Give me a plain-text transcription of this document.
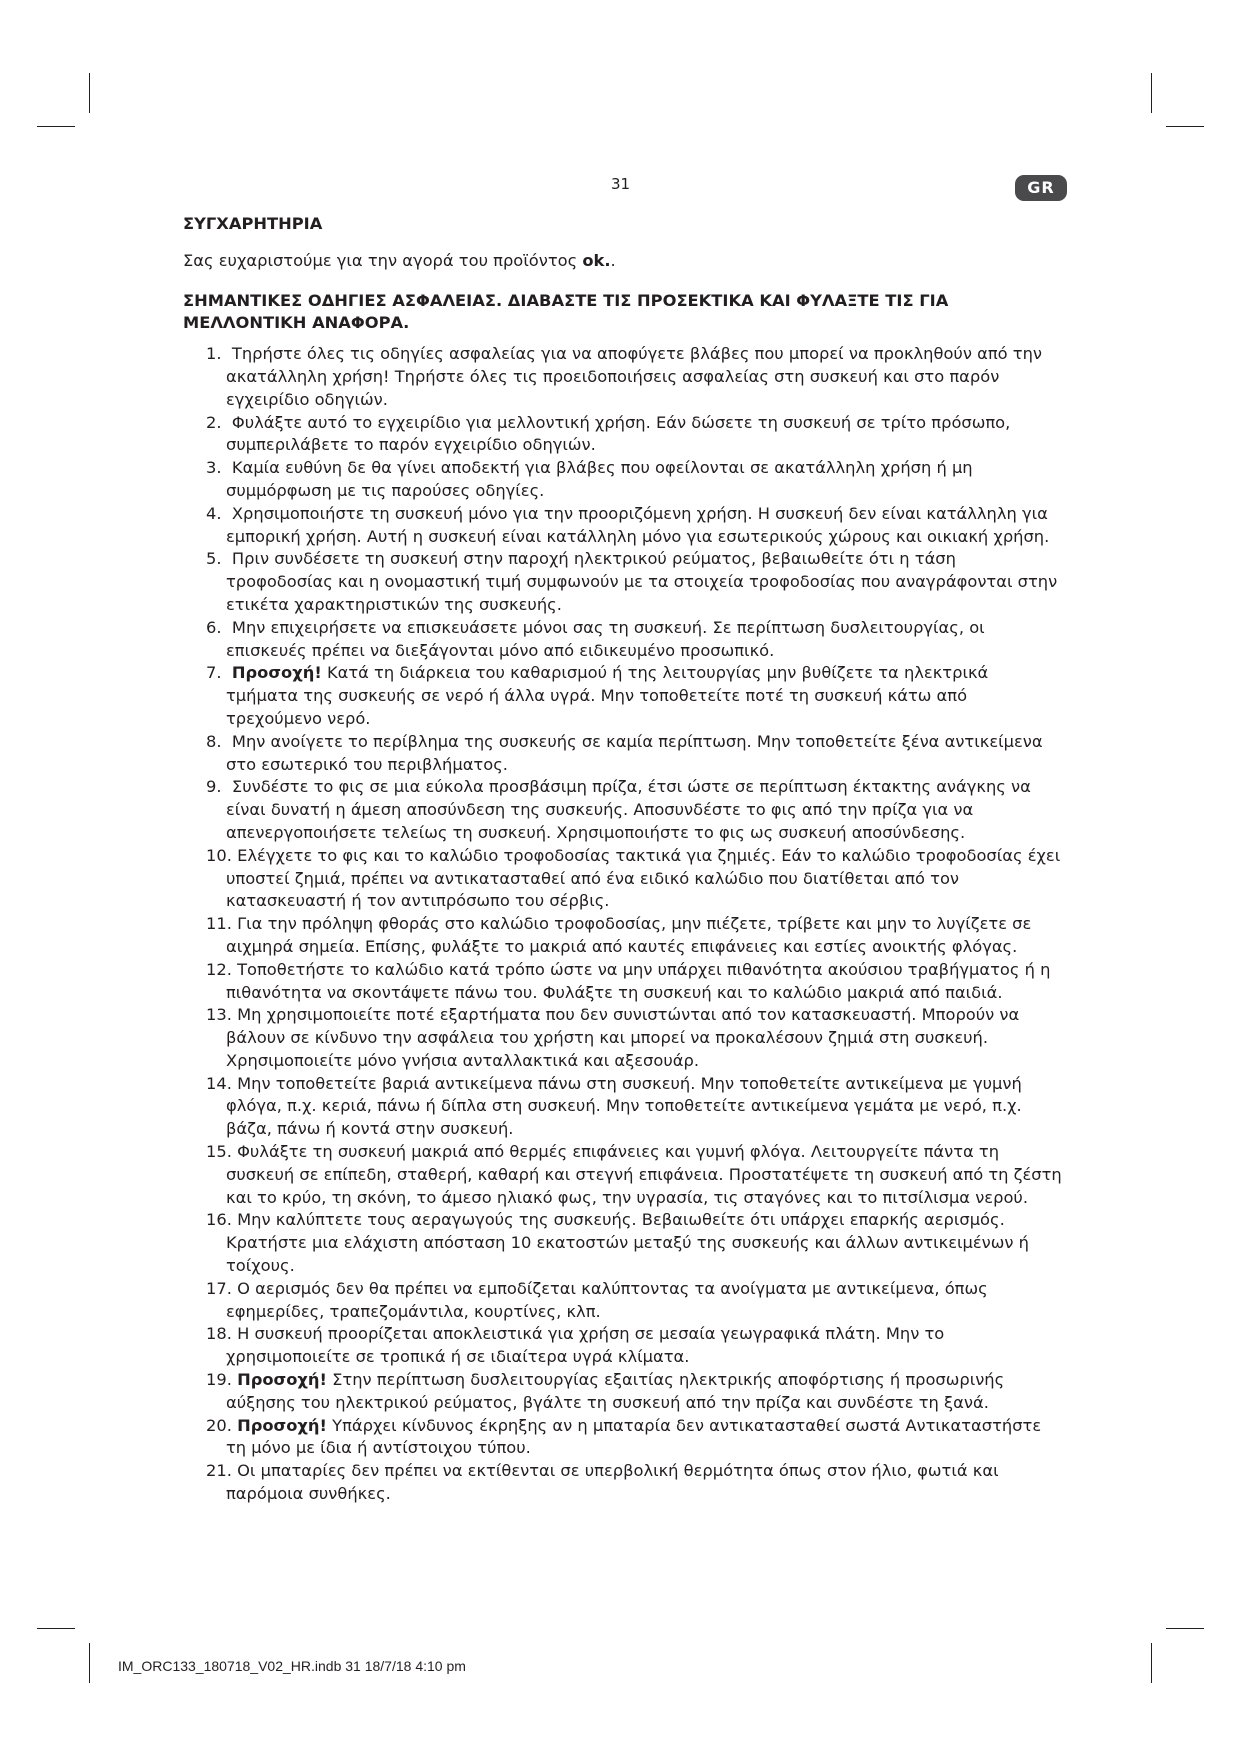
31	GR

ΣΥΓΧΑΡΗΤΗΡΙΑ

Σας ευχαριστούμε για την αγορά του προϊόντος ok..

ΣΗΜΑΝΤΙΚΕΣ ΟΔΗΓΙΕΣ ΑΣΦΑΛΕΙΑΣ. ΔΙΑΒΑΣΤΕ ΤΙΣ ΠΡΟΣΕΚΤΙΚΑ ΚΑΙ ΦΥΛΑΞΤΕ ΤΙΣ ΓΙΑ
ΜΕΛΛΟΝΤΙΚΗ ΑΝΑΦΟΡΑ.

1. Τηρήστε όλες τις οδηγίες ασφαλείας για να αποφύγετε βλάβες που μπορεί να προκληθούν από την ακατάλληλη χρήση! Τηρήστε όλες τις προειδοποιήσεις ασφαλείας στη συσκευή και στο παρόν εγχειρίδιο οδηγιών.
2. Φυλάξτε αυτό το εγχειρίδιο για μελλοντική χρήση. Εάν δώσετε τη συσκευή σε τρίτο πρόσωπο, συμπεριλάβετε το παρόν εγχειρίδιο οδηγιών.
3. Καμία ευθύνη δε θα γίνει αποδεκτή για βλάβες που οφείλονται σε ακατάλληλη χρήση ή μη συμμόρφωση με τις παρούσες οδηγίες.
4. Χρησιμοποιήστε τη συσκευή μόνο για την προοριζόμενη χρήση. Η συσκευή δεν είναι κατάλληλη για εμπορική χρήση. Αυτή η συσκευή είναι κατάλληλη μόνο για εσωτερικούς χώρους και οικιακή χρήση.
5. Πριν συνδέσετε τη συσκευή στην παροχή ηλεκτρικού ρεύματος, βεβαιωθείτε ότι η τάση τροφοδοσίας και η ονομαστική τιμή συμφωνούν με τα στοιχεία τροφοδοσίας που αναγράφονται στην ετικέτα χαρακτηριστικών της συσκευής.
6. Μην επιχειρήσετε να επισκευάσετε μόνοι σας τη συσκευή. Σε περίπτωση δυσλειτουργίας, οι επισκευές πρέπει να διεξάγονται μόνο από ειδικευμένο προσωπικό.
7. Προσοχή! Κατά τη διάρκεια του καθαρισμού ή της λειτουργίας μην βυθίζετε τα ηλεκτρικά τμήματα της συσκευής σε νερό ή άλλα υγρά. Μην τοποθετείτε ποτέ τη συσκευή κάτω από τρεχούμενο νερό.
8. Μην ανοίγετε το περίβλημα της συσκευής σε καμία περίπτωση. Μην τοποθετείτε ξένα αντικείμενα στο εσωτερικό του περιβλήματος.
9. Συνδέστε το φις σε μια εύκολα προσβάσιμη πρίζα, έτσι ώστε σε περίπτωση έκτακτης ανάγκης να είναι δυνατή η άμεση αποσύνδεση της συσκευής. Αποσυνδέστε το φις από την πρίζα για να απενεργοποιήσετε τελείως τη συσκευή. Χρησιμοποιήστε το φις ως συσκευή αποσύνδεσης.
10. Ελέγχετε το φις και το καλώδιο τροφοδοσίας τακτικά για ζημιές. Εάν το καλώδιο τροφοδοσίας έχει υποστεί ζημιά, πρέπει να αντικατασταθεί από ένα ειδικό καλώδιο που διατίθεται από τον κατασκευαστή ή τον αντιπρόσωπο του σέρβις.
11. Για την πρόληψη φθοράς στο καλώδιο τροφοδοσίας, μην πιέζετε, τρίβετε και μην το λυγίζετε σε αιχμηρά σημεία. Επίσης, φυλάξτε το μακριά από καυτές επιφάνειες και εστίες ανοικτής φλόγας.
12. Τοποθετήστε το καλώδιο κατά τρόπο ώστε να μην υπάρχει πιθανότητα ακούσιου τραβήγματος ή η πιθανότητα να σκοντάψετε πάνω του. Φυλάξτε τη συσκευή και το καλώδιο μακριά από παιδιά.
13. Μη χρησιμοποιείτε ποτέ εξαρτήματα που δεν συνιστώνται από τον κατασκευαστή. Μπορούν να βάλουν σε κίνδυνο την ασφάλεια του χρήστη και μπορεί να προκαλέσουν ζημιά στη συσκευή. Χρησιμοποιείτε μόνο γνήσια ανταλλακτικά και αξεσουάρ.
14. Μην τοποθετείτε βαριά αντικείμενα πάνω στη συσκευή. Μην τοποθετείτε αντικείμενα με γυμνή φλόγα, π.χ. κεριά, πάνω ή δίπλα στη συσκευή. Μην τοποθετείτε αντικείμενα γεμάτα με νερό, π.χ. βάζα, πάνω ή κοντά στην συσκευή.
15. Φυλάξτε τη συσκευή μακριά από θερμές επιφάνειες και γυμνή φλόγα. Λειτουργείτε πάντα τη συσκευή σε επίπεδη, σταθερή, καθαρή και στεγνή επιφάνεια. Προστατέψετε τη συσκευή από τη ζέστη και το κρύο, τη σκόνη, το άμεσο ηλιακό φως, την υγρασία, τις σταγόνες και το πιτσίλισμα νερού.
16. Μην καλύπτετε τους αεραγωγούς της συσκευής. Βεβαιωθείτε ότι υπάρχει επαρκής αερισμός. Κρατήστε μια ελάχιστη απόσταση 10 εκατοστών μεταξύ της συσκευής και άλλων αντικειμένων ή τοίχους.
17. Ο αερισμός δεν θα πρέπει να εμποδίζεται καλύπτοντας τα ανοίγματα με αντικείμενα, όπως εφημερίδες, τραπεζομάντιλα, κουρτίνες, κλπ.
18. Η συσκευή προορίζεται αποκλειστικά για χρήση σε μεσαία γεωγραφικά πλάτη. Μην το χρησιμοποιείτε σε τροπικά ή σε ιδιαίτερα υγρά κλίματα.
19. Προσοχή! Στην περίπτωση δυσλειτουργίας εξαιτίας ηλεκτρικής αποφόρτισης ή προσωρινής αύξησης του ηλεκτρικού ρεύματος, βγάλτε τη συσκευή από την πρίζα και συνδέστε τη ξανά.
20. Προσοχή! Υπάρχει κίνδυνος έκρηξης αν η μπαταρία δεν αντικατασταθεί σωστά Αντικαταστήστε τη μόνο με ίδια ή αντίστοιχου τύπου.
21. Οι μπαταρίες δεν πρέπει να εκτίθενται σε υπερβολική θερμότητα όπως στον ήλιο, φωτιά και παρόμοια συνθήκες.
IM_ORC133_180718_V02_HR.indb 31 18/7/18 4:10 pm
